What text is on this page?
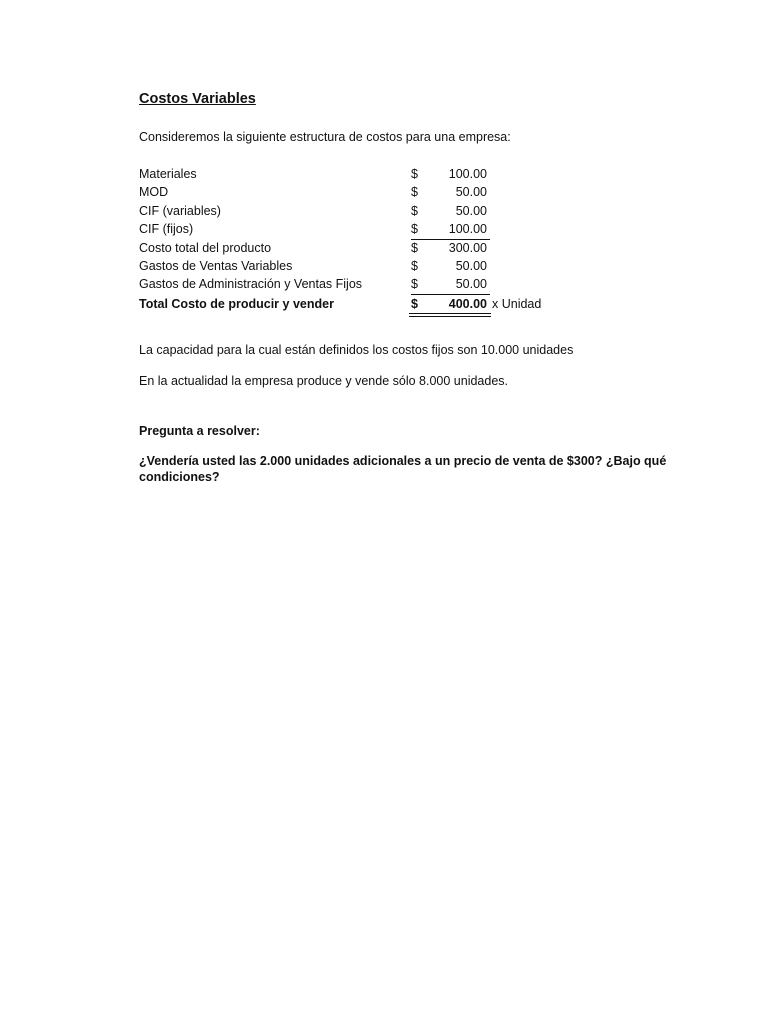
Costos Variables
Consideremos la siguiente estructura de costos para una empresa:
Materiales	$	100.00
MOD	$	50.00
CIF (variables)	$	50.00
CIF (fijos)	$	100.00
Costo total del producto	$	300.00
Gastos de Ventas Variables	$	50.00
Gastos de Administración y Ventas Fijos	$	50.00
Total Costo de producir y vender	$	400.00 x Unidad
La capacidad para la cual están definidos los costos fijos son 10.000 unidades
En la actualidad la empresa produce y vende sólo 8.000 unidades.
Pregunta a resolver:
¿Vendería usted las 2.000 unidades adicionales a un precio de venta de $300? ¿Bajo qué
condiciones?
